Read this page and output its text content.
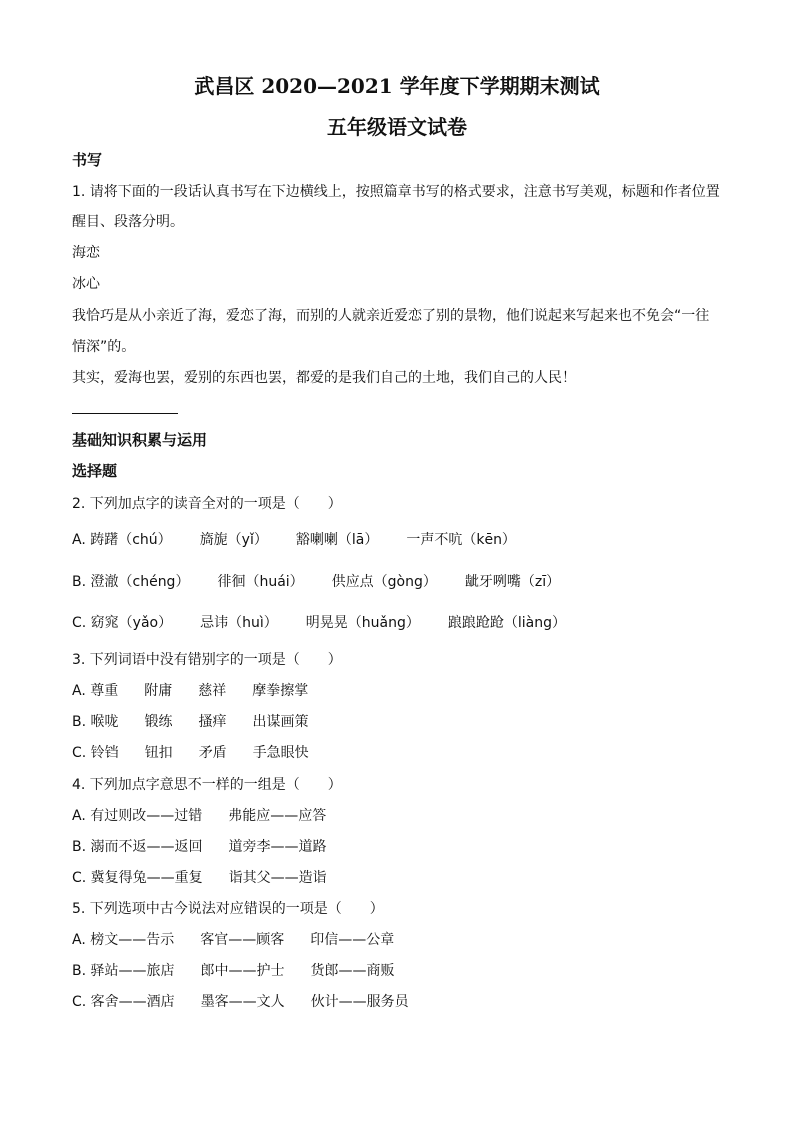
武昌区 2020—2021 学年度下学期期末测试
五年级语文试卷
书写
1. 请将下面的一段话认真书写在下边横线上，按照篇章书写的格式要求，注意书写美观，标题和作者位置
醒目、段落分明。
海恋
冰心
我恰巧是从小亲近了海，爱恋了海，而别的人就亲近爱恋了别的景物，他们说起来写起来也不免会“一往
情深”的。
其实，爱海也罢，爱别的东西也罢，都爱的是我们自己的土地，我们自己的人民！
基础知识积累与运用
选择题
2. 下列加点字的读音全对的一项是（　　）
A. 踌躇（chú） 旖旎（yǐ） 豁喇喇（lā） 一声不吭（kēn）
B. 澄澈（chéng） 徘徊（huái） 供应点（gòng） 龇牙咧嘴（zī）
C. 窈窕（yǎo） 忌讳（huì） 明晃晃（huǎng） 踉踉跄跄（liàng）
3. 下列词语中没有错别字的一项是（　　）
A. 尊重 附庸 慈祥 摩拳擦掌
B. 喉咙 锻练 搔痒 出谋画策
C. 铃铛 钮扣 矛盾 手急眼快
4. 下列加点字意思不一样的一组是（　　）
A. 有过则改——过错 弗能应——应答
B. 溺而不返——返回 道旁李——道路
C. 冀复得兔——重复 诣其父——造诣
5. 下列选项中古今说法对应错误的一项是（　　）
A. 榜文——告示 客官——顾客 印信——公章
B. 驿站——旅店 郎中——护士 货郎——商贩
C. 客舍——酒店 墨客——文人 伙计——服务员
